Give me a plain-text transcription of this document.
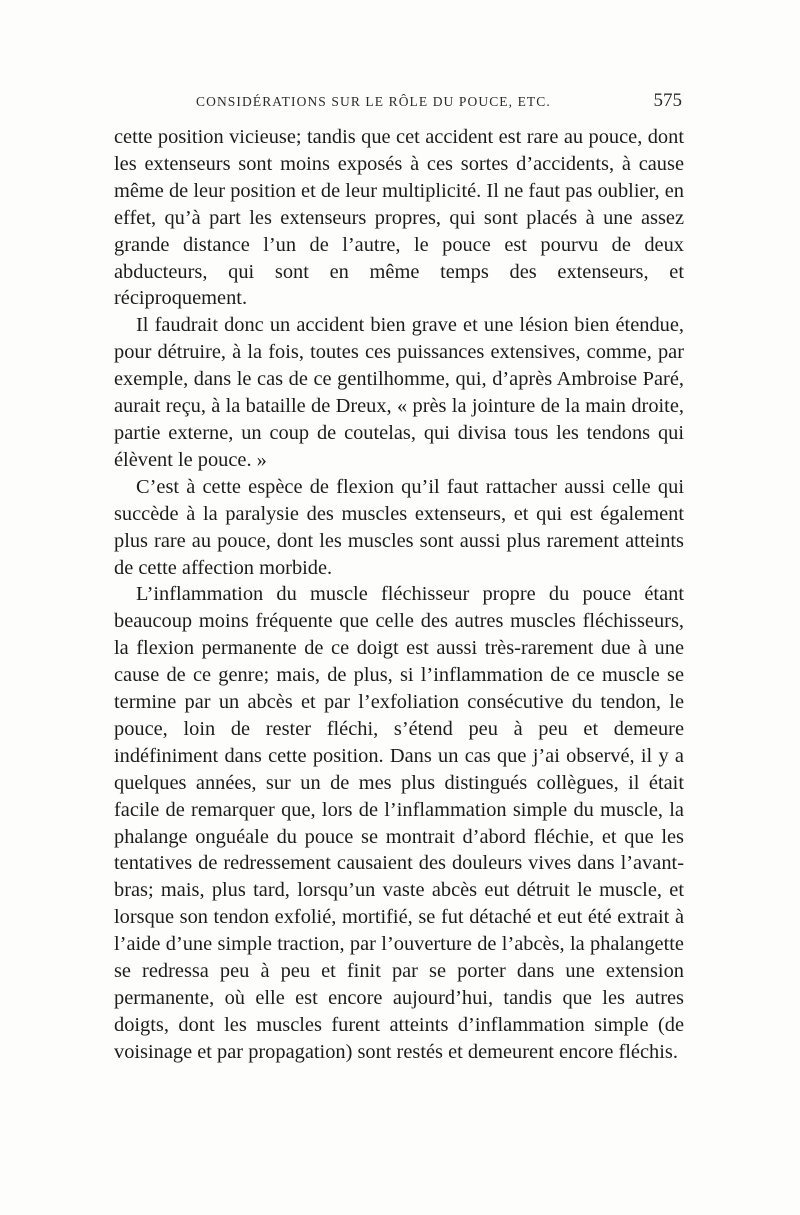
CONSIDÉRATIONS SUR LE RÔLE DU POUCE, ETC.	575

cette position vicieuse; tandis que cet accident est rare au pouce, dont les extenseurs sont moins exposés à ces sortes d’accidents, à cause même de leur position et de leur multiplicité. Il ne faut pas oublier, en effet, qu’à part les extenseurs propres, qui sont placés à une assez grande distance l’un de l’autre, le pouce est pourvu de deux abducteurs, qui sont en même temps des extenseurs, et réciproquement.

Il faudrait donc un accident bien grave et une lésion bien étendue, pour détruire, à la fois, toutes ces puissances extensives, comme, par exemple, dans le cas de ce gentilhomme, qui, d’après Ambroise Paré, aurait reçu, à la bataille de Dreux, « près la jointure de la main droite, partie externe, un coup de coutelas, qui divisa tous les tendons qui élèvent le pouce. »

C’est à cette espèce de flexion qu’il faut rattacher aussi celle qui succède à la paralysie des muscles extenseurs, et qui est également plus rare au pouce, dont les muscles sont aussi plus rarement atteints de cette affection morbide.

L’inflammation du muscle fléchisseur propre du pouce étant beaucoup moins fréquente que celle des autres muscles fléchisseurs, la flexion permanente de ce doigt est aussi très-rarement due à une cause de ce genre; mais, de plus, si l’inflammation de ce muscle se termine par un abcès et par l’exfoliation consécutive du tendon, le pouce, loin de rester fléchi, s’étend peu à peu et demeure indéfiniment dans cette position. Dans un cas que j’ai observé, il y a quelques années, sur un de mes plus distingués collègues, il était facile de remarquer que, lors de l’inflammation simple du muscle, la phalange onguéale du pouce se montrait d’abord fléchie, et que les tentatives de redressement causaient des douleurs vives dans l’avant-bras; mais, plus tard, lorsqu’un vaste abcès eut détruit le muscle, et lorsque son tendon exfolié, mortifié, se fut détaché et eut été extrait à l’aide d’une simple traction, par l’ouverture de l’abcès, la phalangette se redressa peu à peu et finit par se porter dans une extension permanente, où elle est encore aujourd’hui, tandis que les autres doigts, dont les muscles furent atteints d’inflammation simple (de voisinage et par propagation) sont restés et demeurent encore fléchis.
